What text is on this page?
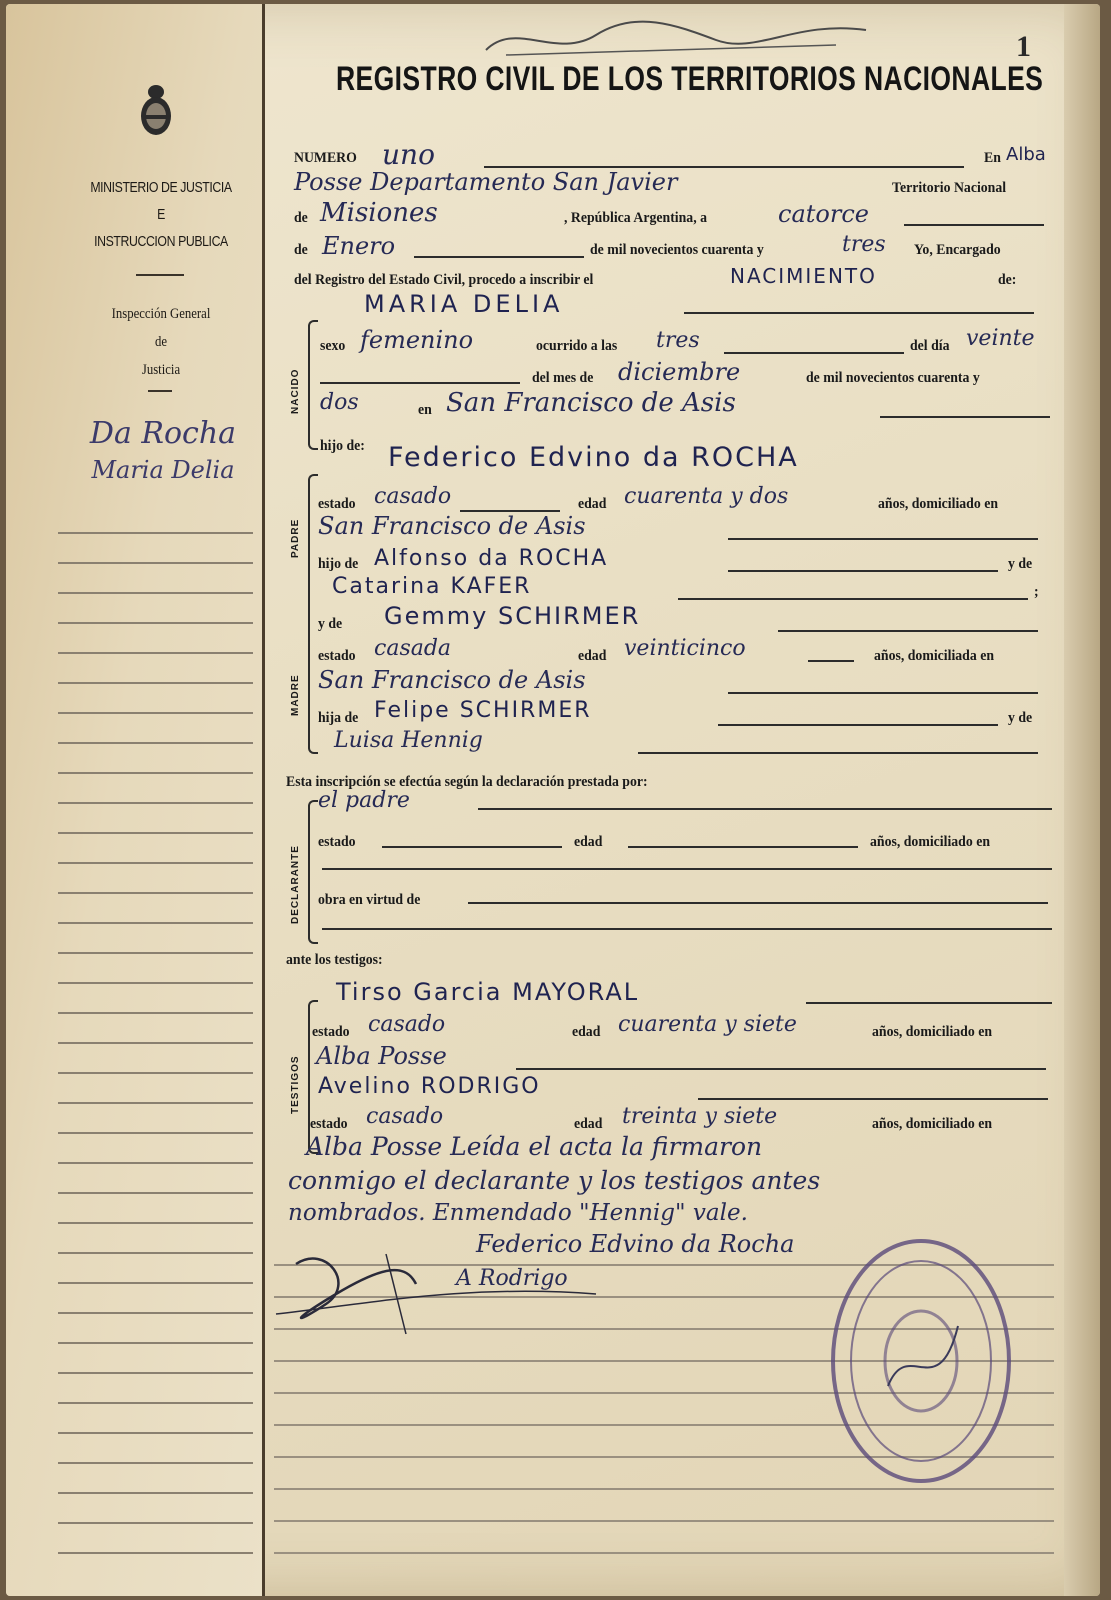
1
REGISTRO CIVIL DE LOS TERRITORIOS NACIONALES
MINISTERIO DE JUSTICIA
E
INSTRUCCION PUBLICA
Inspección General
de
Justicia
Da Rocha
Maria Delia
NUMERO uno	En Alba
Posse Departamento San Javier	Territorio Nacional
de Misiones	, República Argentina, a	catorce
de Enero	de mil novecientos cuarenta y	tres Yo, Encargado
del Registro del Estado Civil, procedo a inscribir el	NACIMIENTO	de:
MARIA DELIA
NACIDO
sexo femenino	ocurrido a las tres	del día veinte
del mes de diciembre	de mil novecientos cuarenta y
dos	en San Francisco de Asis
hijo de: Federico Edvino da ROCHA
PADRE
estado casado	edad cuarenta y dos	años, domiciliado en
San Francisco de Asis
hijo de Alfonso da ROCHA	y de
Catarina KAFER	;
y de Gemmy SCHIRMER
MADRE
estado casada	edad veinticinco	años, domiciliada en
San Francisco de Asis
hija de Felipe SCHIRMER	y de
Luisa Hennig
Esta inscripción se efectúa según la declaración prestada por:
DECLARANTE
el padre
estado	edad	años, domiciliado en
obra en virtud de
ante los testigos:
TESTIGOS
Tirso Garcia MAYORAL
estado casado	edad cuarenta y siete	años, domiciliado en
Alba Posse
Avelino RODRIGO
estado casado	edad treinta y siete	años, domiciliado en
Alba Posse Leída el acta la firmaron
conmigo el declarante y los testigos antes
nombrados. Enmendado "Hennig" vale.
Federico Edvino da Rocha
A Rodrigo
